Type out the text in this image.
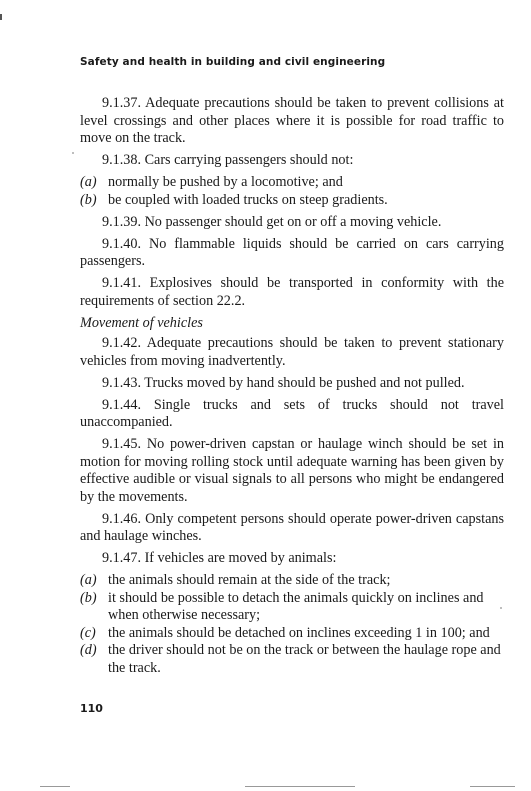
Safety and health in building and civil engineering

9.1.37. Adequate precautions should be taken to prevent collisions at level crossings and other places where it is possible for road traffic to move on the track.

9.1.38. Cars carrying passengers should not:

(a) normally be pushed by a locomotive; and
(b) be coupled with loaded trucks on steep gradients.

9.1.39. No passenger should get on or off a moving vehicle.

9.1.40. No flammable liquids should be carried on cars carrying passengers.

9.1.41. Explosives should be transported in conformity with the requirements of section 22.2.

Movement of vehicles

9.1.42. Adequate precautions should be taken to prevent stationary vehicles from moving inadvertently.

9.1.43. Trucks moved by hand should be pushed and not pulled.

9.1.44. Single trucks and sets of trucks should not travel unaccompanied.

9.1.45. No power-driven capstan or haulage winch should be set in motion for moving rolling stock until adequate warning has been given by effective audible or visual signals to all persons who might be endangered by the movements.

9.1.46. Only competent persons should operate power-driven capstans and haulage winches.

9.1.47. If vehicles are moved by animals:

(a) the animals should remain at the side of the track;
(b) it should be possible to detach the animals quickly on inclines and when otherwise necessary;
(c) the animals should be detached on inclines exceeding 1 in 100; and
(d) the driver should not be on the track or between the haulage rope and the track.
110
